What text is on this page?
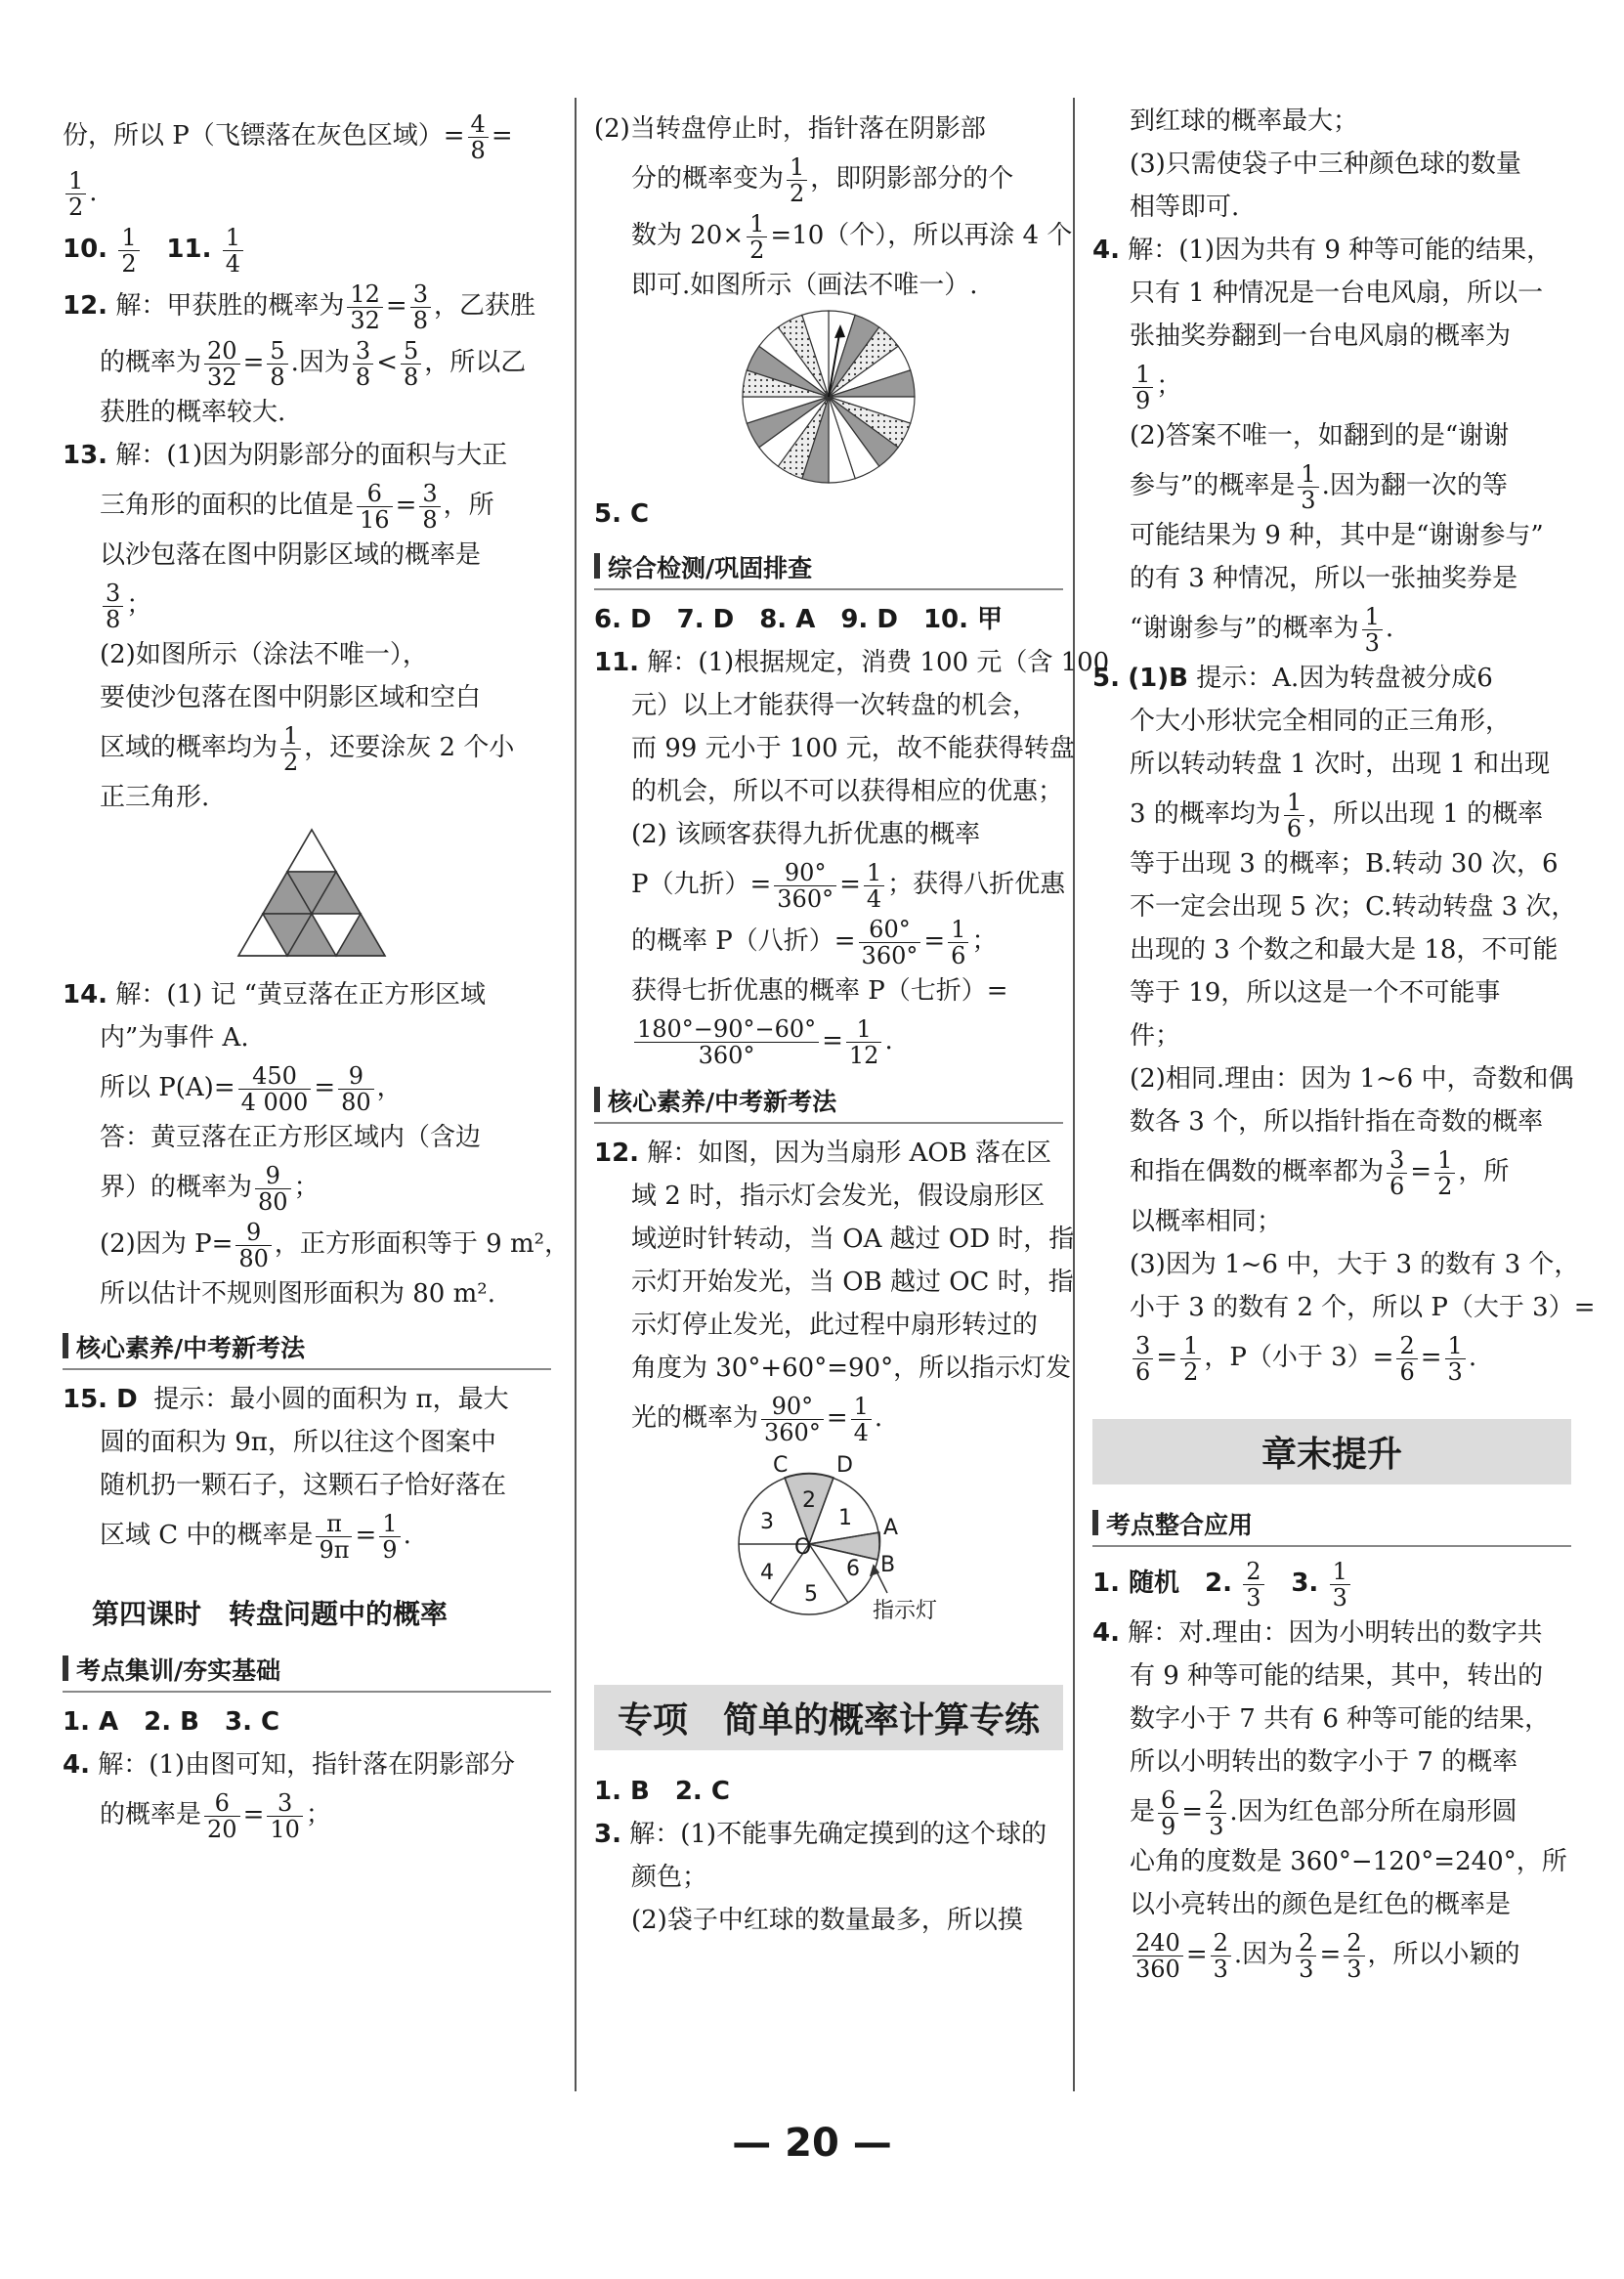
份，所以 P（飞镖落在灰色区域）= $\frac{4}{8}$ =

$\frac{1}{2}$ .

10. $\frac{1}{2} 11$. $\frac{1}{4}$

12. 解：甲获胜的概率为 $\frac{12}{32} = \frac{3}{8}$ ，乙获胜

的概率为 $\frac{20}{32} = \frac{5}{8}$ .因为 $\frac{3}{8} < \frac{5}{8}$ ，所以乙

获胜的概率较大.

13. 解：(1)因为阴影部分的面积与大正

三角形的面积的比值是 $\frac{6}{16} = \frac{3}{8}$ ，所

以沙包落在图中阴影区域的概率是

$\frac{3}{8}$ ；

(2)如图所示（涂法不唯一），

要使沙包落在图中阴影区域和空白

区域的概率均为 $\frac{1}{2}$ ，还要涂灰 2 个小

正三角形.

14. 解：(1) 记 “黄豆落在正方形区域

内”为事件 A.

所以 $P(A)= \frac{450}{4 000} = \frac{9}{80}$ ，

答：黄豆落在正方形区域内（含边

界）的概率为 $\frac{9}{80}$ ；

(2)因为 $P= \frac{9}{80}$ ，正方形面积等于 9 m²，

所以估计不规则图形面积为 80 m².

核心素养/中考新考法

15. D 提示：最小圆的面积为 π，最大

圆的面积为 9π，所以往这个图案中

随机扔一颗石子，这颗石子恰好落在

区域 C 中的概率是 $\frac{\pi}{9\pi} = \frac{1}{9}$ .

第四课时　转盘问题中的概率
考点集训/夯实基础

1. A　2. B　3. C

4. 解：(1)由图可知，指针落在阴影部分

的概率是 $\frac{6}{20} = \frac{3}{10}$ ；

(2)当转盘停止时，指针落在阴影部

分的概率变为 $\frac{1}{2}$ ，即阴影部分的个

数为 $20\times \frac{1}{2} =10$（个），所以再涂 4 个

即可.如图所示（画法不唯一）.

5. C

综合检测/巩固排查

6. D　7. D　8. A　9. D　10. 甲

11. 解：(1)根据规定，消费 100 元（含 100

元）以上才能获得一次转盘的机会，

而 99 元小于 100 元，故不能获得转盘

的机会，所以不可以获得相应的优惠；

(2) 该顾客获得九折优惠的概率

P（九折）= $\frac{90^\circ}{360^\circ} = \frac{1}{4}$ ；获得八折优惠

的概率 P（八折）= $\frac{60^\circ}{360^\circ} = \frac{1}{6}$ ；

获得七折优惠的概率 P（七折）=

$\frac{180^\circ-90^\circ-60^\circ}{360^\circ} = \frac{1}{12}$ .

核心素养/中考新考法

12. 解：如图，因为当扇形 AOB 落在区

域 2 时，指示灯会发光，假设扇形区

域逆时针转动，当 OA 越过 OD 时，指

示灯开始发光，当 OB 越过 OC 时，指

示灯停止发光，此过程中扇形转过的

角度为 30°+60°=90°，所以指示灯发

光的概率为 $\frac{90^\circ}{360^\circ} = \frac{1}{4}$ .

C D
A
B
O
1
2
3
4
5
6
指示灯
专项　简单的概率计算专练

1. B　2. C

3. 解：(1)不能事先确定摸到的这个球的

颜色；

(2)袋子中红球的数量最多，所以摸

到红球的概率最大；

(3)只需使袋子中三种颜色球的数量

相等即可.

4. 解：(1)因为共有 9 种等可能的结果，

只有 1 种情况是一台电风扇，所以一

张抽奖券翻到一台电风扇的概率为

$\frac{1}{9}$ ；

(2)答案不唯一，如翻到的是“谢谢

参与”的概率是 $\frac{1}{3}$ .因为翻一次的等

可能结果为 9 种，其中是“谢谢参与”

的有 3 种情况，所以一张抽奖券是

“谢谢参与”的概率为 $\frac{1}{3}$ .

5. (1)B 提示：A.因为转盘被分成6

个大小形状完全相同的正三角形，

所以转动转盘 1 次时，出现 1 和出现

3 的概率均为 $\frac{1}{6}$ ，所以出现 1 的概率

等于出现 3 的概率；B.转动 30 次，6

不一定会出现 5 次；C.转动转盘 3 次，

出现的 3 个数之和最大是 18，不可能

等于 19，所以这是一个不可能事

件；

(2)相同.理由：因为 1~6 中，奇数和偶

数各 3 个，所以指针指在奇数的概率

和指在偶数的概率都为 $\frac{3}{6} = \frac{1}{2}$ ，所

以概率相同；

(3)因为 1~6 中，大于 3 的数有 3 个，

小于 3 的数有 2 个，所以 P（大于 3）=

$\frac{3}{6} = \frac{1}{2}$ ，P（小于 $3)= \frac{2}{6} = \frac{1}{3}$ .

章末提升
考点整合应用

1. 随机　2. $\frac{2}{3} 3$. $\frac{1}{3}$

4. 解：对.理由：因为小明转出的数字共

有 9 种等可能的结果，其中，转出的

数字小于 7 共有 6 种等可能的结果，

所以小明转出的数字小于 7 的概率

是 $\frac{6}{9} = \frac{2}{3}$ .因为红色部分所在扇形圆

心角的度数是 360°−120°=240°，所

以小亮转出的颜色是红色的概率是

$\frac{240}{360} = \frac{2}{3}$ .因为 $\frac{2}{3} = \frac{2}{3}$ ，所以小颖的

— 20 —
